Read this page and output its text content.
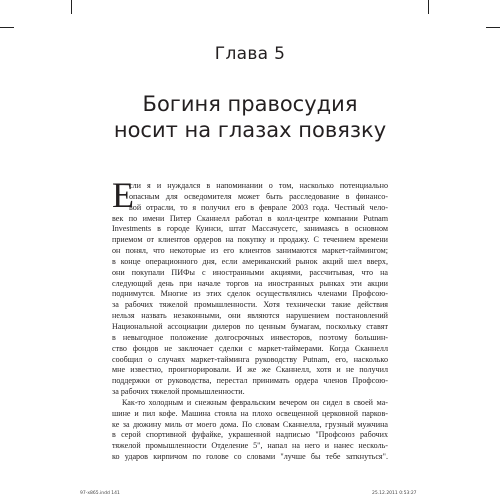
Глава 5
Богиня правосудия
носит на глазах повязку
Е
сли я и нуждался в напоминании о том, насколько потенциально
опасным для осведомителя может быть расследование в финансо-
вой отрасли, то я получил его в феврале 2003 года. Честный чело-
век по имени Питер Сканнелл работал в колл-центре компании Putnam
Investments в городе Куинси, штат Массачусетс, занимаясь в основном
приемом от клиентов ордеров на покупку и продажу. С течением времени
он понял, что некоторые из его клиентов занимаются маркет-таймингом;
в конце операционного дня, если американский рынок акций шел вверх,
они покупали ПИФы с иностранными акциями, рассчитывая, что на
следующий день при начале торгов на иностранных рынках эти акции
поднимутся. Многие из этих сделок осуществлялись членами Профсою-
за рабочих тяжелой промышленности. Хотя технически такие действия
нельзя назвать незаконными, они являются нарушением постановлений
Национальной ассоциации дилеров по ценным бумагам, поскольку ставят
в невыгодное положение долгосрочных инвесторов, поэтому большин-
ство фондов не заключает сделки с маркет-таймерами. Когда Сканнелл
сообщил о случаях маркет-тайминга руководству Putnam, его, насколько
мне известно, проигнорировали. И же же Сканнелл, хотя и не получил
поддержки от руководства, перестал принимать ордера членов Профсою-
за рабочих тяжелой промышленности.
Как-то холодным и снежным февральским вечером он сидел в своей ма-
шине и пил кофе. Машина стояла на плохо освещенной церковной парков-
ке за дюжину миль от моего дома. По словам Сканнелла, грузный мужчина
в серой спортивной фуфайке, украшенной надписью "Профсоюз рабочих
тяжелой промышленности Отделение 5", напал на него и нанес несколь-
ко ударов кирпичом по голове со словами "лучше бы тебе заткнуться".
97-x865.indd 141	25.12.2011 0:53:27
